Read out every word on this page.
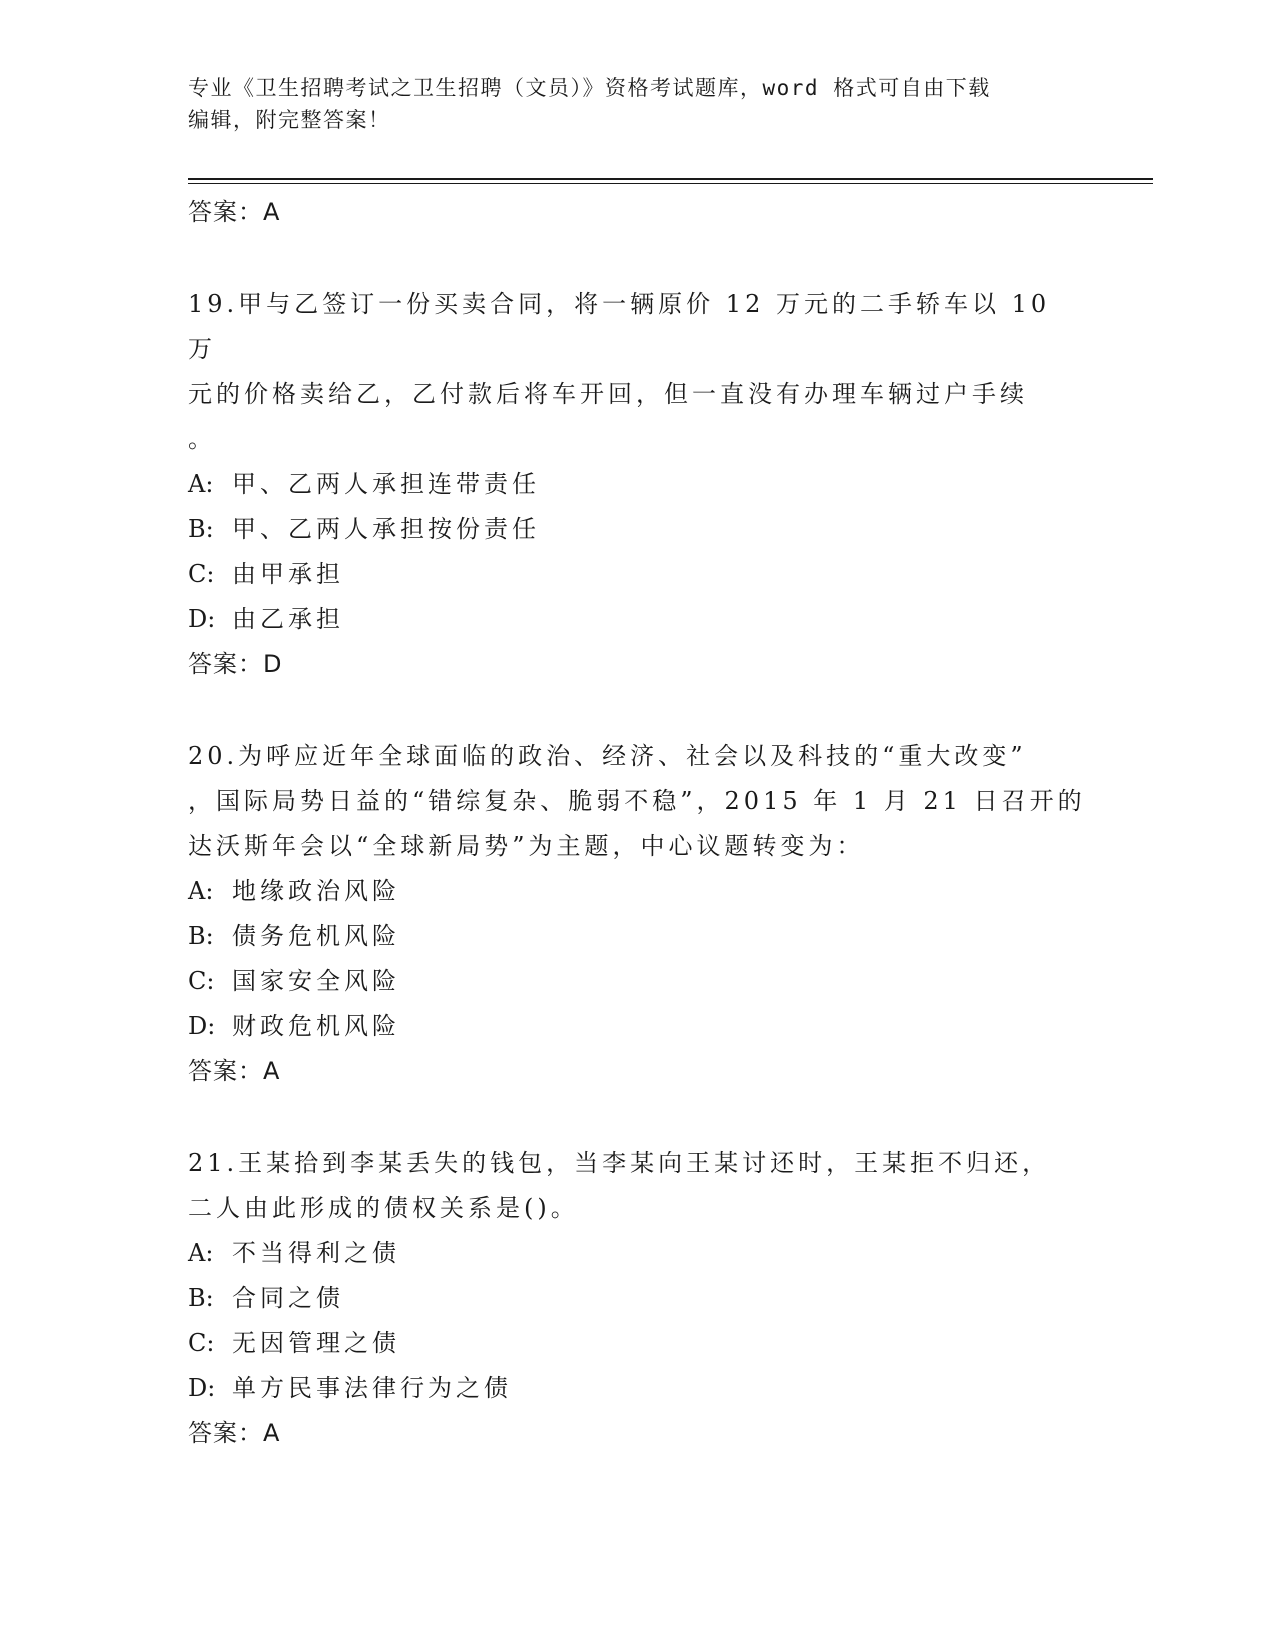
专业《卫生招聘考试之卫生招聘（文员）》资格考试题库，word 格式可自由下载
编辑，附完整答案！
答案：A
19.甲与乙签订一份买卖合同，将一辆原价 12 万元的二手轿车以 10 万
元的价格卖给乙，乙付款后将车开回，但一直没有办理车辆过户手续
。
A: 甲、乙两人承担连带责任
B: 甲、乙两人承担按份责任
C: 由甲承担
D: 由乙承担
答案：D
20.为呼应近年全球面临的政治、经济、社会以及科技的“重大改变”
，国际局势日益的“错综复杂、脆弱不稳”，2015 年 1 月 21 日召开的
达沃斯年会以“全球新局势”为主题，中心议题转变为：
A: 地缘政治风险
B: 债务危机风险
C: 国家安全风险
D: 财政危机风险
答案：A
21.王某拾到李某丢失的钱包，当李某向王某讨还时，王某拒不归还，
二人由此形成的债权关系是()。
A: 不当得利之债
B: 合同之债
C: 无因管理之债
D: 单方民事法律行为之债
答案：A
